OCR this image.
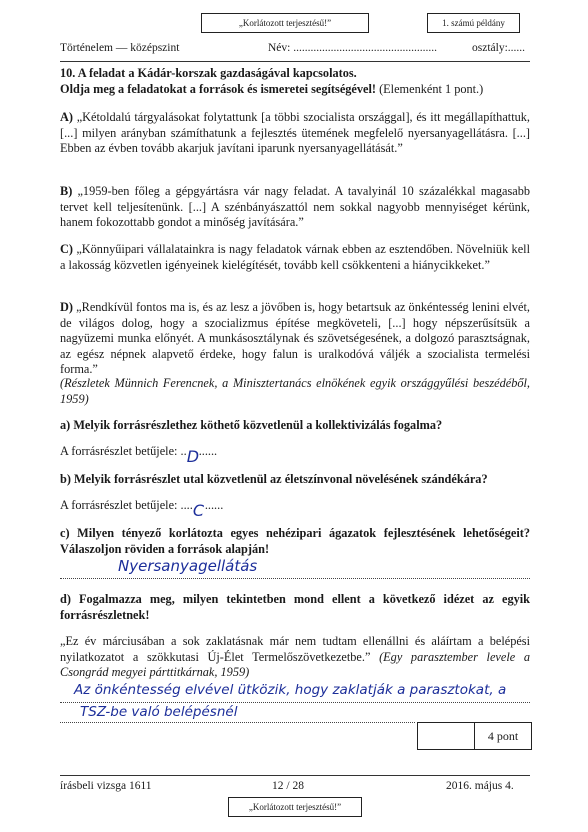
„Korlátozott terjesztésű!”	1. számú példány
Történelem — középszint	Név: ..................................................	osztály:......

10. A feladat a Kádár-korszak gazdaságával kapcsolatos.

Oldja meg a feladatokat a források és ismeretei segítségével! (Elemenként 1 pont.)

A) „Kétoldalú tárgyalásokat folytattunk [a többi szocialista országgal], és itt megállapíthattuk, [...] milyen arányban számíthatunk a fejlesztés ütemének megfelelő nyersanyagellátásra. [...] Ebben az évben tovább akarjuk javítani iparunk nyersanyagellátását.”

B) „1959-ben főleg a gépgyártásra vár nagy feladat. A tavalyinál 10 százalékkal magasabb tervet kell teljesítenünk. [...] A szénbányászattól nem sokkal nagyobb mennyiséget kérünk, hanem fokozottabb gondot a minőség javítására.”

C) „Könnyűipari vállalatainkra is nagy feladatok várnak ebben az esztendőben. Növelniük kell a lakosság közvetlen igényeinek kielégítését, tovább kell csökkenteni a hiánycikkeket.”

D) „Rendkívül fontos ma is, és az lesz a jövőben is, hogy betartsuk az önkéntesség lenini elvét, de világos dolog, hogy a szocializmus építése megköveteli, [...] hogy népszerűsítsük a nagyüzemi munka előnyét. A munkásosztálynak és szövetségesének, a dolgozó parasztságnak, az egész népnek alapvető érdeke, hogy falun is uralkodóvá váljék a szocialista termelési forma.”

(Részletek Münnich Ferencnek, a Minisztertanács elnökének egyik országgyűlési beszédéből, 1959)

a) Melyik forrásrészlethez köthető közvetlenül a kollektivizálás fogalma?

A forrásrészlet betűjele: .. D ......

b) Melyik forrásrészlet utal közvetlenül az életszínvonal növelésének szándékára?

A forrásrészlet betűjele: .... C ......

c) Milyen tényező korlátozta egyes nehézipari ágazatok fejlesztésének lehetőségeit? Válaszoljon röviden a források alapján!

Nyersanyagellátás

d) Fogalmazza meg, milyen tekintetben mond ellent a következő idézet az egyik forrásrészletnek!

„Ez év márciusában a sok zaklatásnak már nem tudtam ellenállni és aláírtam a belépési nyilatkozatot a szökkutasi Új-Élet Termelőszövetkezetbe.” (Egy parasztember levele a Csongrád megyei párttitkárnak, 1959)

Az önkéntesség elvével ütközik, hogy zaklatják a parasztokat, a
TSZ-be való belépésnél
4 pont
írásbeli vizsga 1611	12 / 28	2016. május 4.
„Korlátozott terjesztésű!”
